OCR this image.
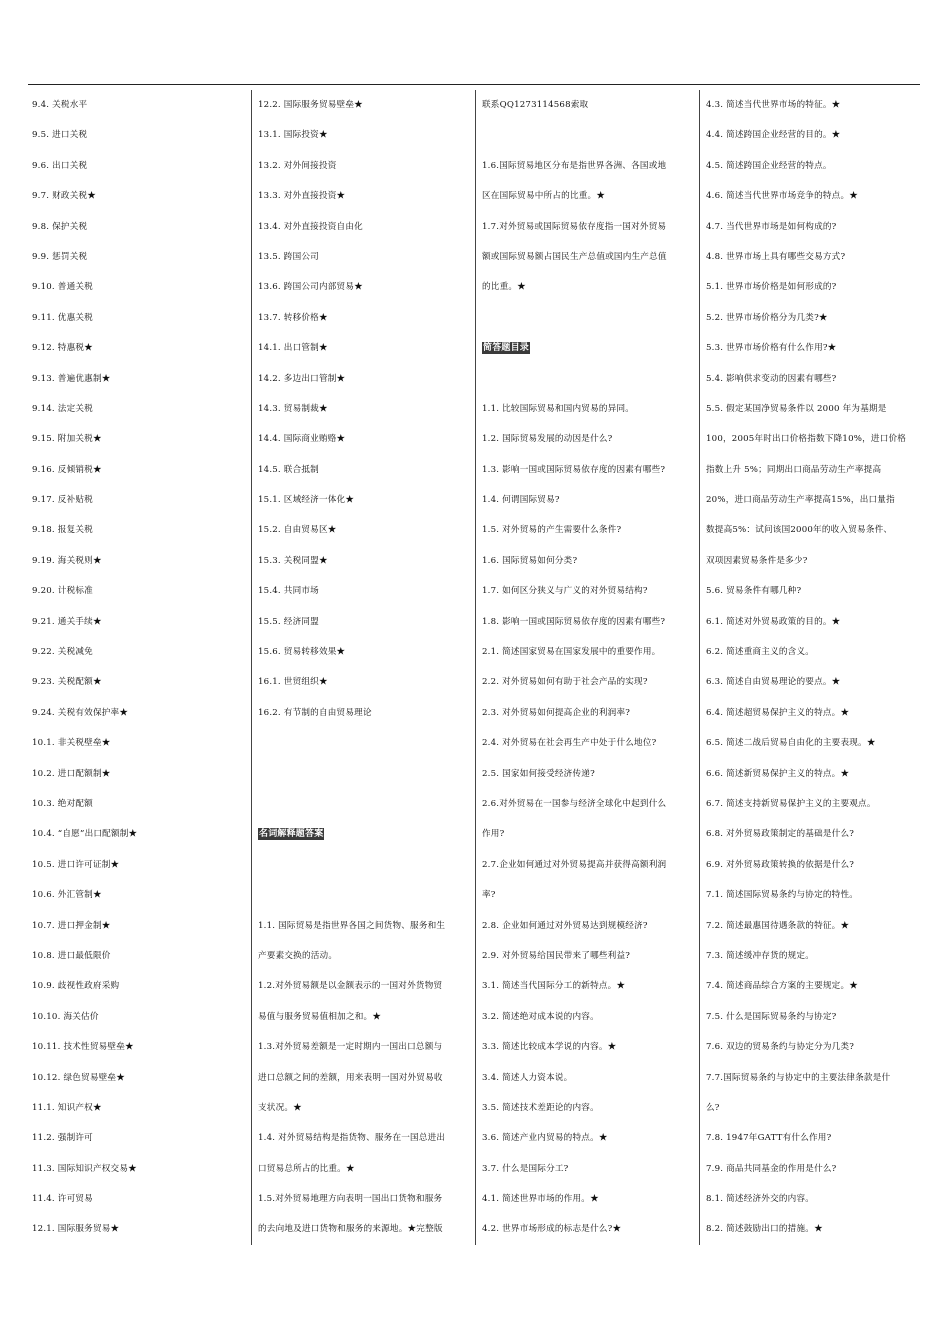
9.4. 关税水平
9.5. 进口关税
9.6. 出口关税
9.7. 财政关税★
9.8. 保护关税
9.9. 惩罚关税
9.10. 普通关税
9.11. 优惠关税
9.12. 特惠税★
9.13. 普遍优惠制★
9.14. 法定关税
9.15. 附加关税★
9.16. 反倾销税★
9.17. 反补贴税
9.18. 报复关税
9.19. 海关税则★
9.20. 计税标准
9.21. 通关手续★
9.22. 关税减免
9.23. 关税配额★
9.24. 关税有效保护率★
10.1. 非关税壁垒★
10.2. 进口配额制★
10.3. 绝对配额
10.4. “自愿”出口配额制★
10.5. 进口许可证制★
10.6. 外汇管制★
10.7. 进口押金制★
10.8. 进口最低限价
10.9. 歧视性政府采购
10.10. 海关估价
10.11. 技术性贸易壁垒★
10.12. 绿色贸易壁垒★
11.1. 知识产权★
11.2. 强制许可
11.3. 国际知识产权交易★
11.4. 许可贸易
12.1. 国际服务贸易★
12.2. 国际服务贸易壁垒★
13.1. 国际投资★
13.2. 对外间接投资
13.3. 对外直接投资★
13.4. 对外直接投资自由化
13.5. 跨国公司
13.6. 跨国公司内部贸易★
13.7. 转移价格★
14.1. 出口管制★
14.2. 多边出口管制★
14.3. 贸易制裁★
14.4. 国际商业贿赂★
14.5. 联合抵制
15.1. 区域经济一体化★
15.2. 自由贸易区★
15.3. 关税同盟★
15.4. 共同市场
15.5. 经济同盟
15.6. 贸易转移效果★
16.1. 世贸组织★
16.2. 有节制的自由贸易理论
名词解释题答案
1.1. 国际贸易是指世界各国之间货物、服务和生
产要素交换的活动。
1.2.对外贸易额是以金额表示的一国对外货物贸
易值与服务贸易值相加之和。★
1.3.对外贸易差额是一定时期内一国出口总额与
进口总额之间的差额，用来表明一国对外贸易收
支状况。★
1.4. 对外贸易结构是指货物、服务在一国总进出
口贸易总所占的比重。★
1.5.对外贸易地理方向表明一国出口货物和服务
的去向地及进口货物和服务的来源地。★完整版
联系QQ1273114568索取
1.6.国际贸易地区分布是指世界各洲、各国或地
区在国际贸易中所占的比重。★
1.7.对外贸易或国际贸易依存度指一国对外贸易
额或国际贸易额占国民生产总值或国内生产总值
的比重。★
简答题目录
1.1. 比较国际贸易和国内贸易的异同。
1.2. 国际贸易发展的动因是什么?
1.3. 影响一国或国际贸易依存度的因素有哪些?
1.4. 何谓国际贸易?
1.5. 对外贸易的产生需要什么条件?
1.6. 国际贸易如何分类?
1.7. 如何区分狭义与广义的对外贸易结构?
1.8. 影响一国或国际贸易依存度的因素有哪些?
2.1. 简述国家贸易在国家发展中的重要作用。
2.2. 对外贸易如何有助于社会产品的实现?
2.3. 对外贸易如何提高企业的利润率?
2.4. 对外贸易在社会再生产中处于什么地位?
2.5. 国家如何接受经济传递?
2.6.对外贸易在一国参与经济全球化中起到什么
作用?
2.7.企业如何通过对外贸易提高并获得高额利润
率?
2.8. 企业如何通过对外贸易达到规模经济?
2.9. 对外贸易给国民带来了哪些利益?
3.1. 简述当代国际分工的新特点。★
3.2. 简述绝对成本说的内容。
3.3. 简述比较成本学说的内容。★
3.4. 简述人力资本说。
3.5. 简述技术差距论的内容。
3.6. 简述产业内贸易的特点。★
3.7. 什么是国际分工?
4.1. 简述世界市场的作用。★
4.2. 世界市场形成的标志是什么?★
4.3. 简述当代世界市场的特征。★
4.4. 简述跨国企业经营的目的。★
4.5. 简述跨国企业经营的特点。
4.6. 简述当代世界市场竞争的特点。★
4.7. 当代世界市场是如何构成的?
4.8. 世界市场上具有哪些交易方式?
5.1. 世界市场价格是如何形成的?
5.2. 世界市场价格分为几类?★
5.3. 世界市场价格有什么作用?★
5.4. 影响供求变动的因素有哪些?
5.5. 假定某国净贸易条件以 2000 年为基期是
100，2005年时出口价格指数下降10%，进口价格
指数上升 5%；同期出口商品劳动生产率提高
20%，进口商品劳动生产率提高15%，出口量指
数提高5%：试问该国2000年的收入贸易条件、
双项因素贸易条件是多少?
5.6. 贸易条件有哪几种?
6.1. 简述对外贸易政策的目的。★
6.2. 简述重商主义的含义。
6.3. 简述自由贸易理论的要点。★
6.4. 简述超贸易保护主义的特点。★
6.5. 简述二战后贸易自由化的主要表现。★
6.6. 简述新贸易保护主义的特点。★
6.7. 简述支持新贸易保护主义的主要观点。
6.8. 对外贸易政策制定的基础是什么?
6.9. 对外贸易政策转换的依据是什么?
7.1. 简述国际贸易条约与协定的特性。
7.2. 简述最惠国待遇条款的特征。★
7.3. 简述缓冲存货的规定。
7.4. 简述商品综合方案的主要规定。★
7.5. 什么是国际贸易条约与协定?
7.6. 双边的贸易条约与协定分为几类?
7.7.国际贸易条约与协定中的主要法律条款是什
么?
7.8. 1947年GATT有什么作用?
7.9. 商品共同基金的作用是什么?
8.1. 简述经济外交的内容。
8.2. 简述鼓励出口的措施。★
